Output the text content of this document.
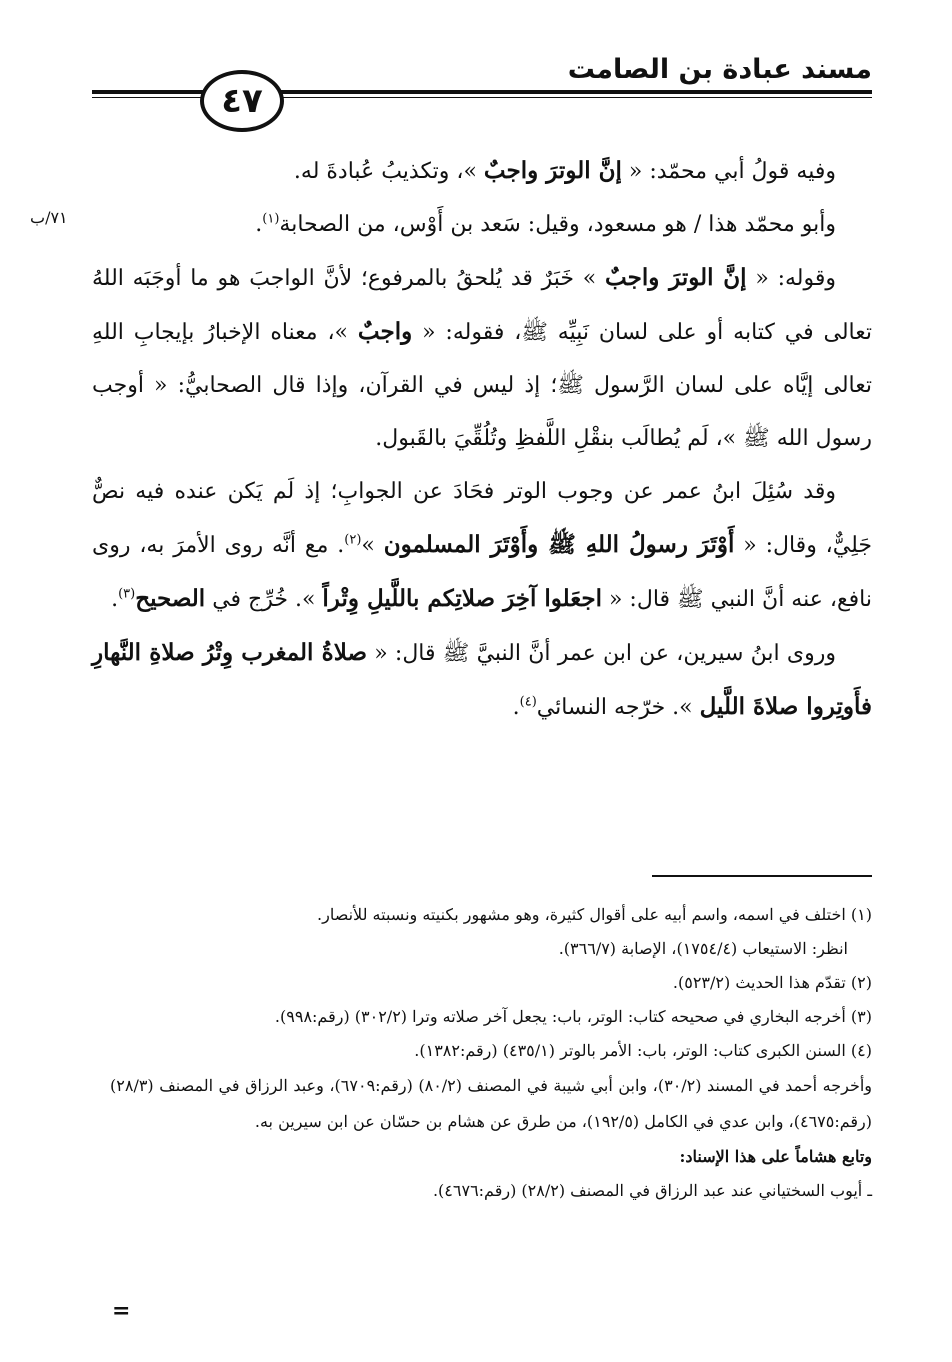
مسند عبادة بن الصامت
٤٧
٧١/ب

وفيه قولُ أبي محمّد: « إنَّ الوترَ واجبٌ »، وتكذيبُ عُبادةَ له.

وأبو محمّد هذا / هو مسعود، وقيل: سَعد بن أَوْس، من الصحابة$^{(١)}$.

وقوله: « إنَّ الوترَ واجبٌ » خَبَرٌ قد يُلحقُ بالمرفوع؛ لأنَّ الواجبَ هو ما أوجَبَه اللهُ تعالى في كتابه أو على لسان نَبِيِّه ﷺ، فقوله: « واجبٌ »، معناه الإخبارُ بإيجابِ اللهِ تعالى إيَّاه على لسان الرَّسول ﷺ؛ إذ ليس في القرآن، وإذا قال الصحابيُّ: « أوجب رسول الله ﷺ »، لَم يُطالَب بنقْلِ اللَّفظِ وتُلُقِّيَ بالقَبول.

وقد سُئِلَ ابنُ عمر عن وجوب الوتر فحَادَ عن الجوابِ؛ إذ لَم يَكن عنده فيه نصٌّ جَلِيٌّ، وقال: « أَوْتَرَ رسولُ اللهِ ﷺ وأَوْتَرَ المسلمون »$^{(٢)}$. مع أنَّه روى الأمرَ به، روى نافع، عنه أنَّ النبي ﷺ قال: « اجعَلوا آخِرَ صلاتِكم باللَّيلِ وِتْراً ». خُرِّج في الصحيح$^{(٣)}$.

وروى ابنُ سيرين، عن ابن عمر أنَّ النبيَّ ﷺ قال: « صلاةُ المغرب وِتْرُ صلاةِ النَّهارِ فأَوتِروا صلاةَ اللَّيل ». خرّجه النسائي$^{(٤)}$.

(١) اختلف في اسمه، واسم أبيه على أقوال كثيرة، وهو مشهور بكنيته ونسبته للأنصار.

انظر: الاستيعاب (١٧٥٤/٤)، الإصابة (٣٦٦/٧).

(٢) تقدّم هذا الحديث (٥٢٣/٢).

(٣) أخرجه البخاري في صحيحه كتاب: الوتر، باب: يجعل آخر صلاته وترا (٣٠٢/٢) (رقم:٩٩٨).

(٤) السنن الكبرى كتاب: الوتر، باب: الأمر بالوتر (٤٣٥/١) (رقم:١٣٨٢).

وأخرجه أحمد في المسند (٣٠/٢)، وابن أبي شيبة في المصنف (٨٠/٢) (رقم:٦٧٠٩)، وعبد الرزاق في المصنف (٢٨/٣) (رقم:٤٦٧٥)، وابن عدي في الكامل (١٩٢/٥)، من طرق عن هشام بن حسّان عن ابن سيرين به.

وتابع هشاماً على هذا الإسناد:

ـ أيوب السختياني عند عبد الرزاق في المصنف (٢٨/٢) (رقم:٤٦٧٦).

=
